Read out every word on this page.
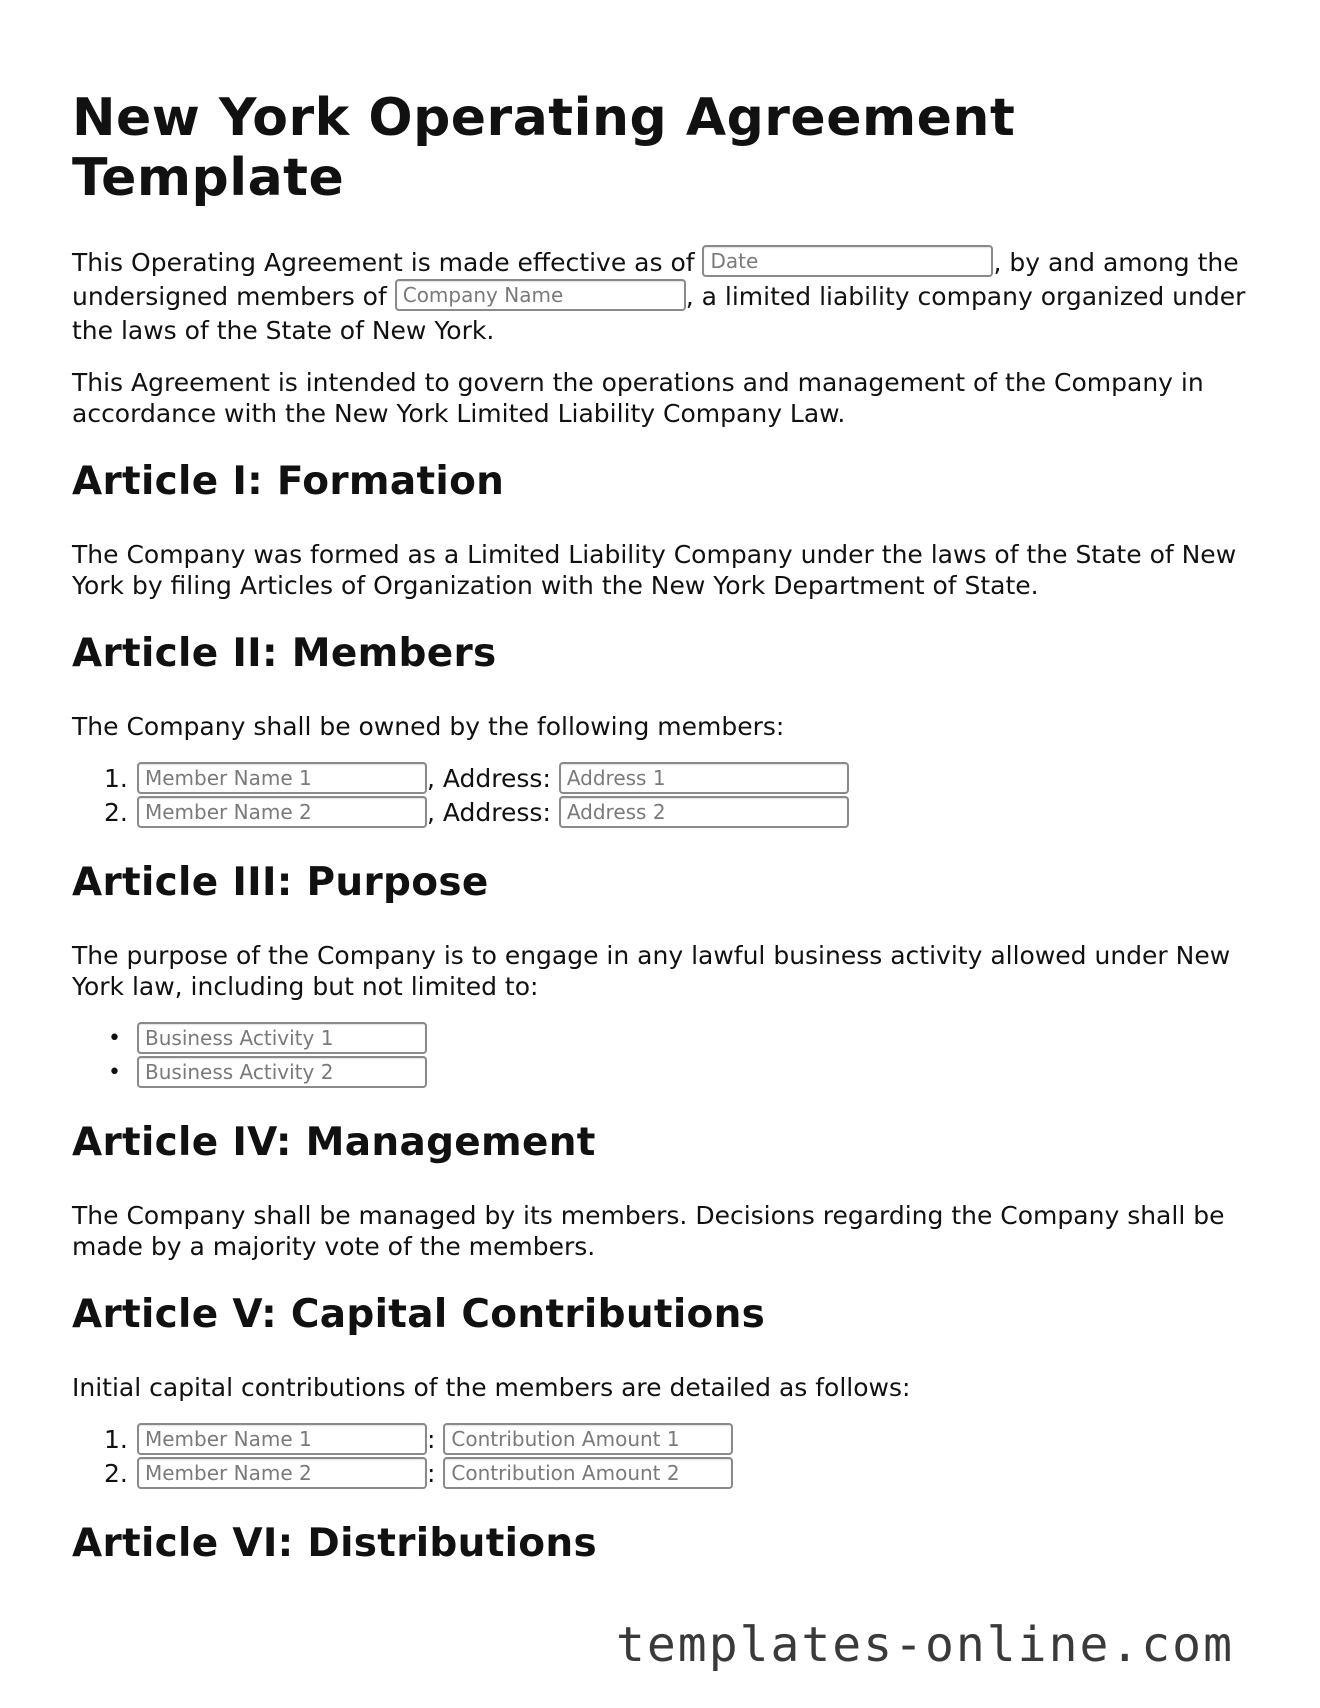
New York Operating Agreement Template

This Operating Agreement is made effective as of Date	, by and among the undersigned members of Company Name	, a limited liability company organized under the laws of the State of New York.

This Agreement is intended to govern the operations and management of the Company in accordance with the New York Limited Liability Company Law.

Article I: Formation

The Company was formed as a Limited Liability Company under the laws of the State of New York by filing Articles of Organization with the New York Department of State.

Article II: Members

The Company shall be owned by the following members:

1. Member Name 1	, Address: Address 1
2. Member Name 2	, Address: Address 2
Article III: Purpose

The purpose of the Company is to engage in any lawful business activity allowed under New York law, including but not limited to:

• Business Activity 1
• Business Activity 2
Article IV: Management

The Company shall be managed by its members. Decisions regarding the Company shall be made by a majority vote of the members.

Article V: Capital Contributions

Initial capital contributions of the members are detailed as follows:

1. Member Name 1	: Contribution Amount 1
2. Member Name 2	: Contribution Amount 2
Article VI: Distributions
templates-online.com
